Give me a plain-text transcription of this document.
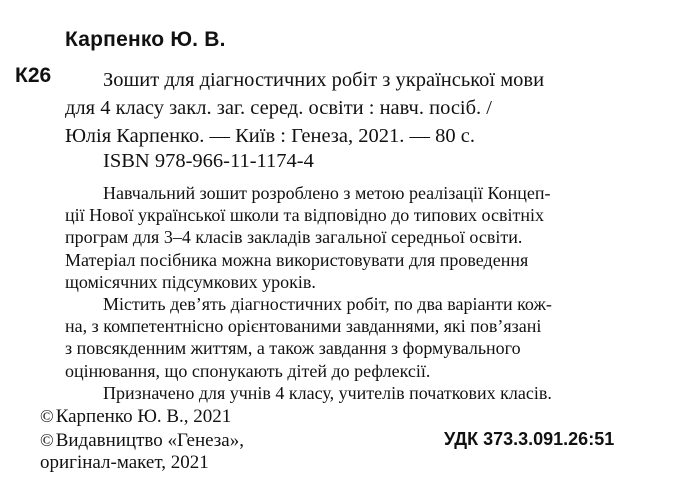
Карпенко Ю. В.
К26	Зошит для діагностичних робіт з української мови
для 4 класу закл. заг. серед. освіти : навч. посіб. /
Юлія Карпенко. — Київ : Генеза, 2021. — 80 с.
ISBN 978-966-11-1174-4
Навчальний зошит розроблено з метою реалізації Концеп-
ції Нової української школи та відповідно до типових освітніх
програм для 3–4 класів закладів загальної середньої освіти.
Матеріал посібника можна використовувати для проведення
щомісячних підсумкових уроків.
Містить дев’ять діагностичних робіт, по два варіанти кож-
на, з компетентнісно орієнтованими завданнями, які пов’язані
з повсякденним життям, а також завдання з формувального
оцінювання, що спонукають дітей до рефлексії.
Призначено для учнів 4 класу, учителів початкових класів.
© Карпенко Ю. В., 2021
© Видавництво «Генеза»,
оригінал-макет, 2021
УДК 373.3.091.26:51
